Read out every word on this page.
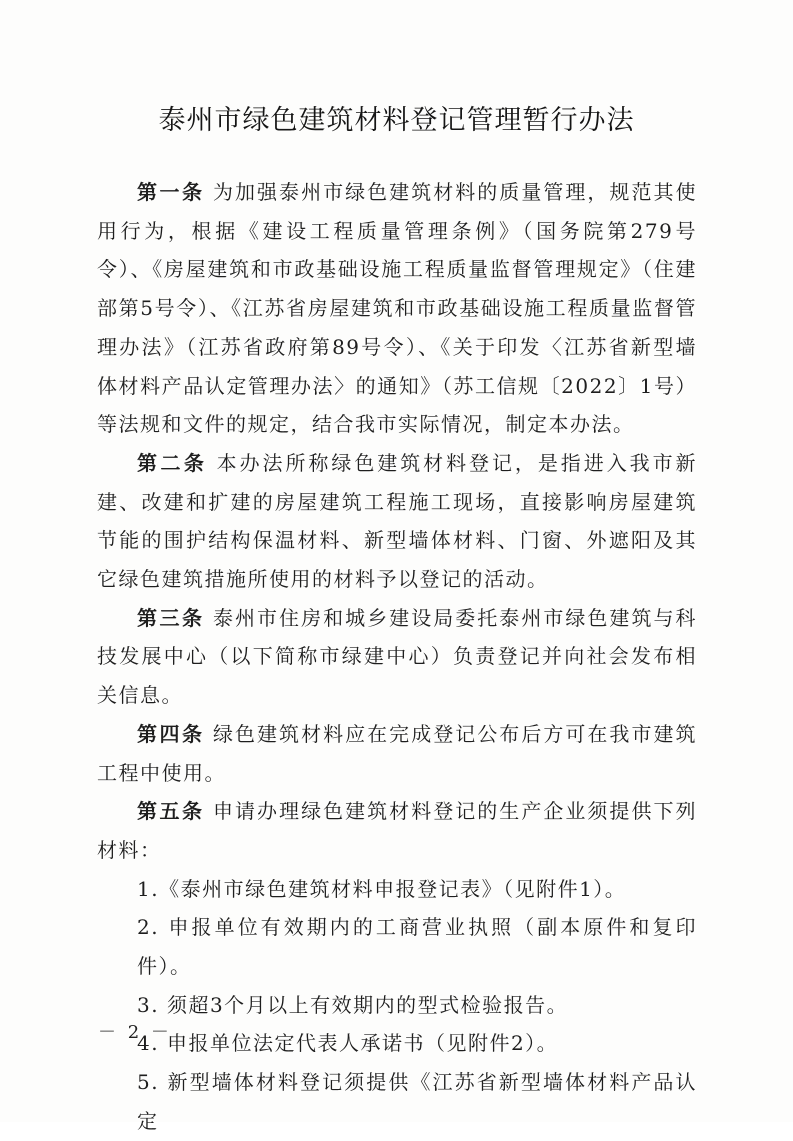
泰州市绿色建筑材料登记管理暂行办法

第一条 为加强泰州市绿色建筑材料的质量管理，规范其使用行为，根据《建设工程质量管理条例》（国务院第279号令）、《房屋建筑和市政基础设施工程质量监督管理规定》（住建部第5号令）、《江苏省房屋建筑和市政基础设施工程质量监督管理办法》（江苏省政府第89号令）、《关于印发〈江苏省新型墙体材料产品认定管理办法〉的通知》（苏工信规〔2022〕1号）等法规和文件的规定，结合我市实际情况，制定本办法。

第二条 本办法所称绿色建筑材料登记，是指进入我市新建、改建和扩建的房屋建筑工程施工现场，直接影响房屋建筑节能的围护结构保温材料、新型墙体材料、门窗、外遮阳及其它绿色建筑措施所使用的材料予以登记的活动。

第三条 泰州市住房和城乡建设局委托泰州市绿色建筑与科技发展中心（以下简称市绿建中心）负责登记并向社会发布相关信息。

第四条 绿色建筑材料应在完成登记公布后方可在我市建筑工程中使用。

第五条 申请办理绿色建筑材料登记的生产企业须提供下列材料：

1.《泰州市绿色建筑材料申报登记表》（见附件1）。

2. 申报单位有效期内的工商营业执照（副本原件和复印件）。

3. 须超3个月以上有效期内的型式检验报告。

4. 申报单位法定代表人承诺书（见附件2）。

5. 新型墙体材料登记须提供《江苏省新型墙体材料产品认定

－ 2 －
